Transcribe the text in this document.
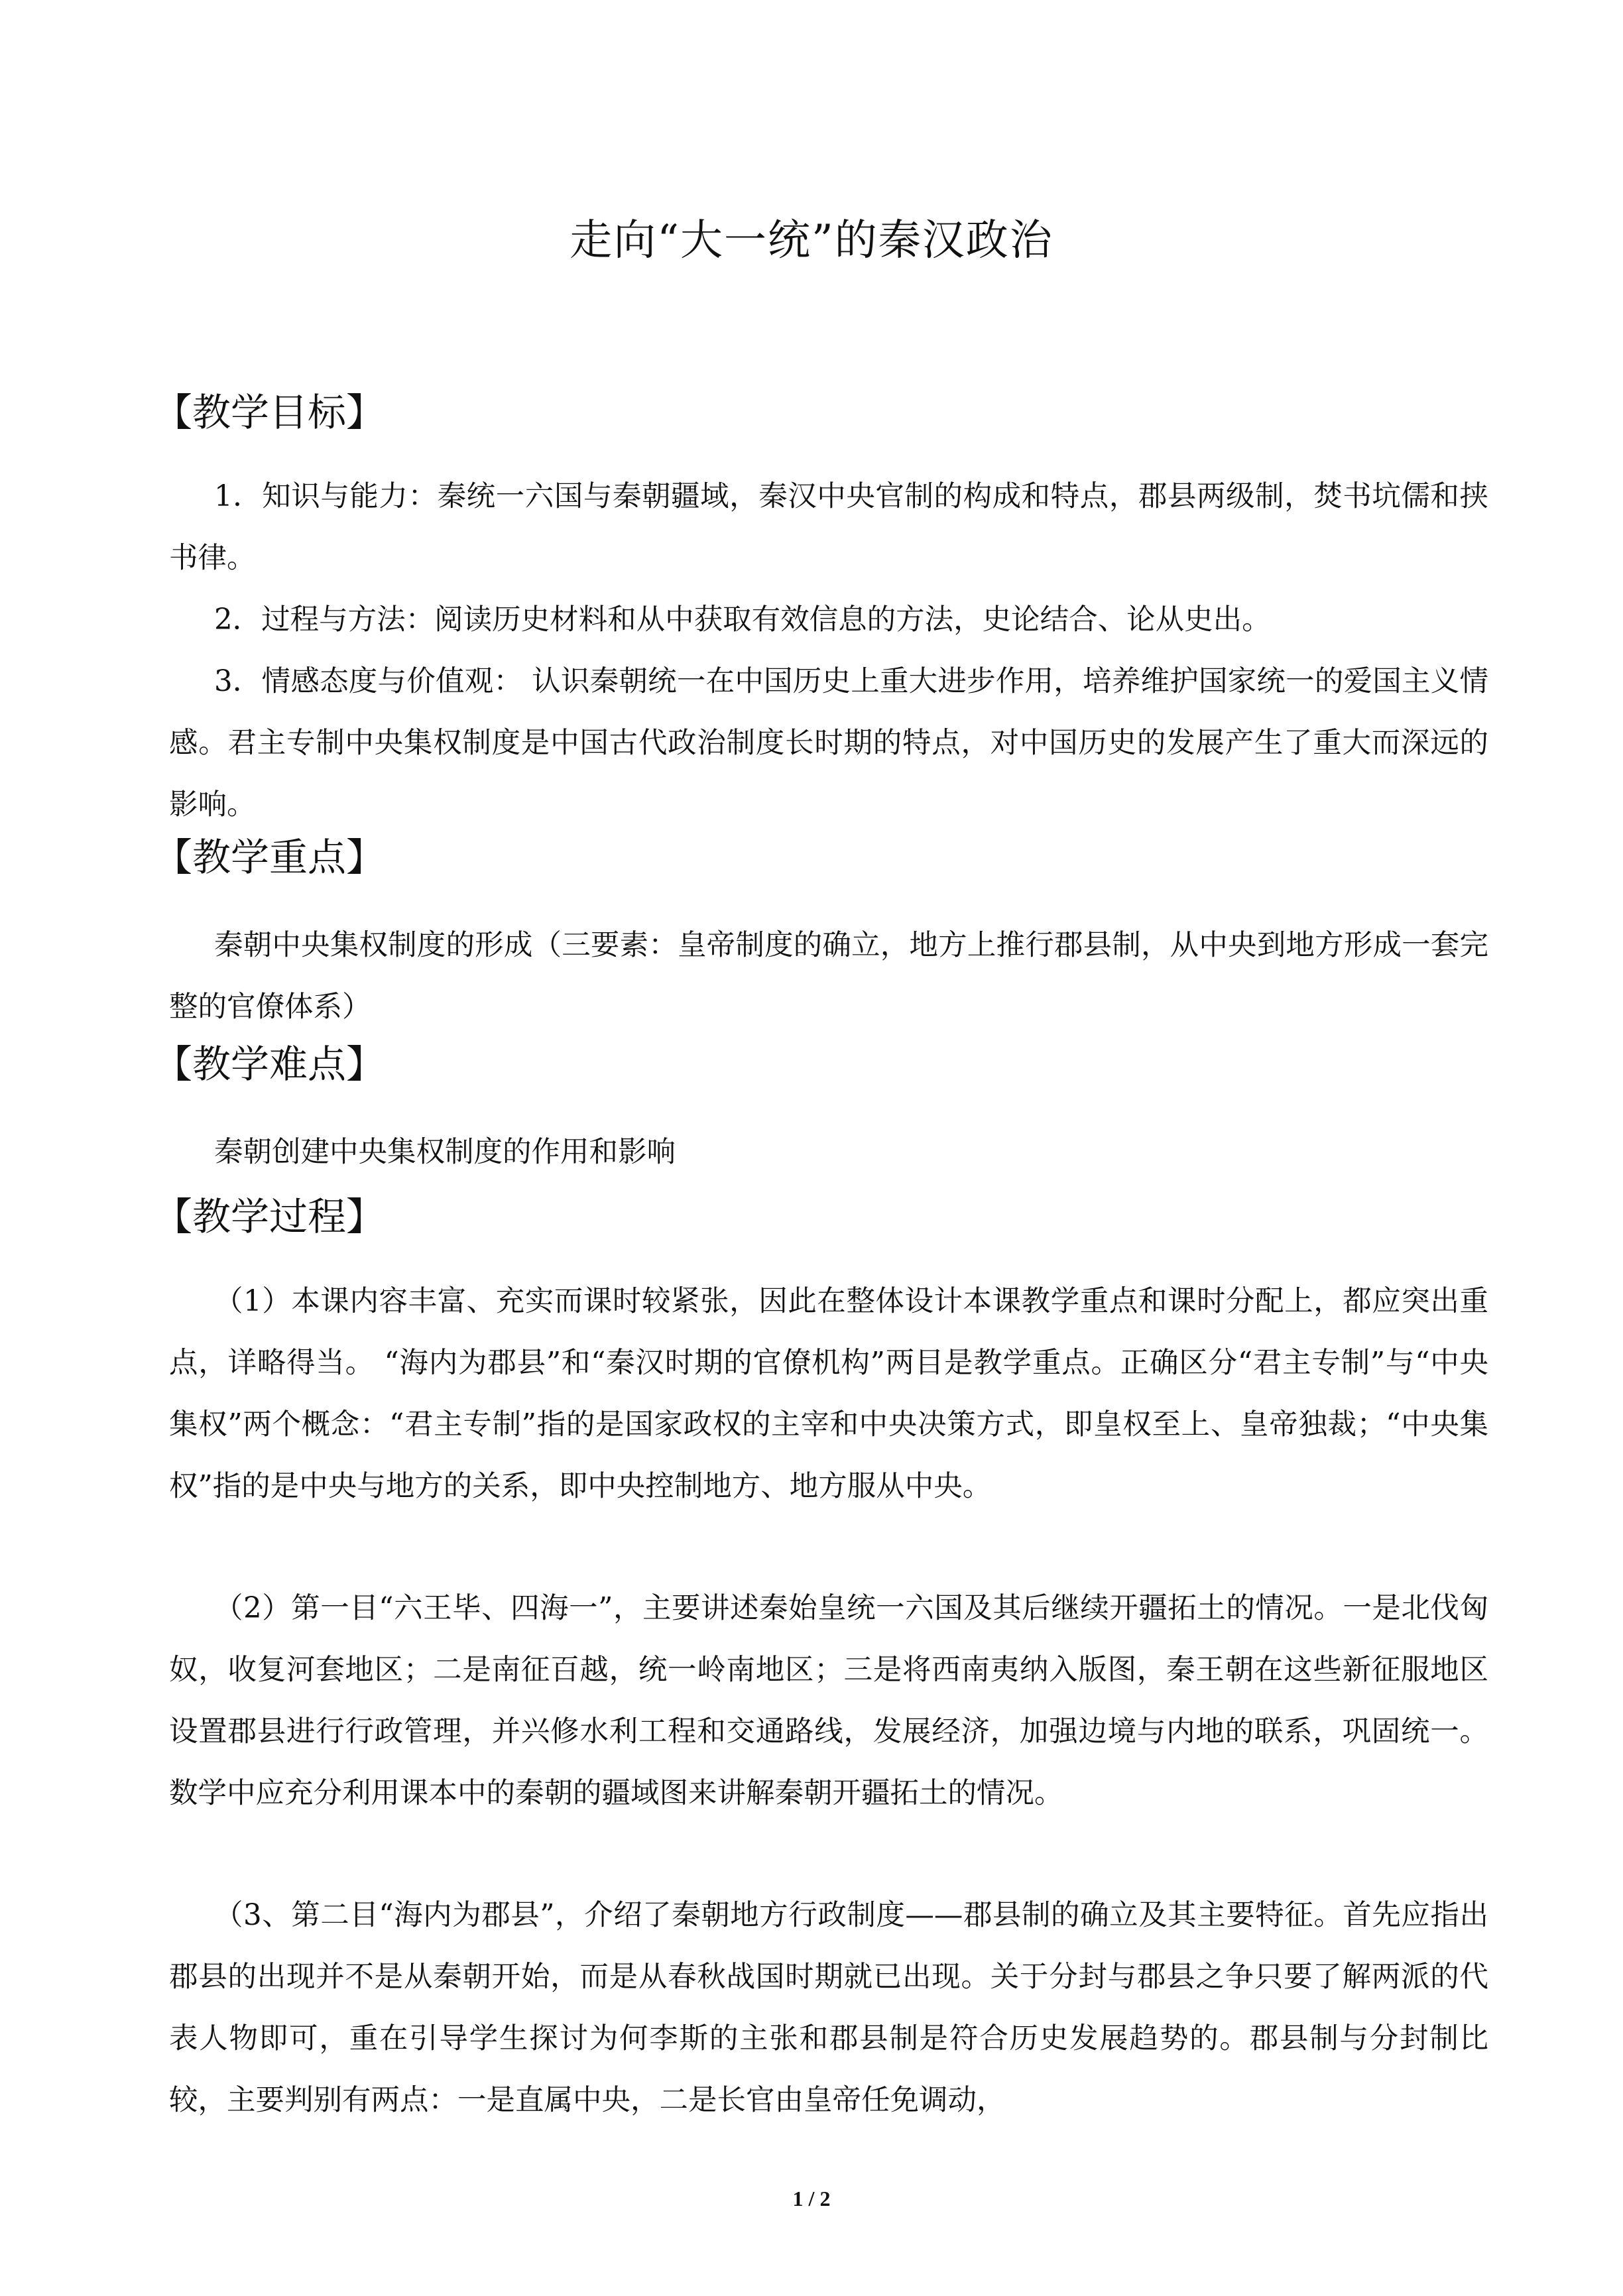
走向“大一统”的秦汉政治
【教学目标】

1．知识与能力：秦统一六国与秦朝疆域，秦汉中央官制的构成和特点，郡县两级制，焚书坑儒和挟书律。

2．过程与方法：阅读历史材料和从中获取有效信息的方法，史论结合、论从史出。

3．情感态度与价值观： 认识秦朝统一在中国历史上重大进步作用，培养维护国家统一的爱国主义情感。君主专制中央集权制度是中国古代政治制度长时期的特点，对中国历史的发展产生了重大而深远的影响。

【教学重点】

秦朝中央集权制度的形成（三要素：皇帝制度的确立，地方上推行郡县制，从中央到地方形成一套完整的官僚体系）

【教学难点】

秦朝创建中央集权制度的作用和影响

【教学过程】

（1）本课内容丰富、充实而课时较紧张，因此在整体设计本课教学重点和课时分配上，都应突出重点，详略得当。 “海内为郡县”和“秦汉时期的官僚机构”两目是教学重点。正确区分“君主专制”与“中央集权”两个概念：“君主专制”指的是国家政权的主宰和中央决策方式，即皇权至上、皇帝独裁；“中央集权”指的是中央与地方的关系，即中央控制地方、地方服从中央。

（2）第一目“六王毕、四海一”，主要讲述秦始皇统一六国及其后继续开疆拓土的情况。一是北伐匈奴，收复河套地区；二是南征百越，统一岭南地区；三是将西南夷纳入版图，秦王朝在这些新征服地区设置郡县进行行政管理，并兴修水利工程和交通路线，发展经济，加强边境与内地的联系，巩固统一。数学中应充分利用课本中的秦朝的疆域图来讲解秦朝开疆拓土的情况。

（3、第二目“海内为郡县”，介绍了秦朝地方行政制度——郡县制的确立及其主要特征。首先应指出郡县的出现并不是从秦朝开始，而是从春秋战国时期就已出现。关于分封与郡县之争只要了解两派的代表人物即可，重在引导学生探讨为何李斯的主张和郡县制是符合历史发展趋势的。郡县制与分封制比较，主要判别有两点：一是直属中央，二是长官由皇帝任免调动，

1 / 2
